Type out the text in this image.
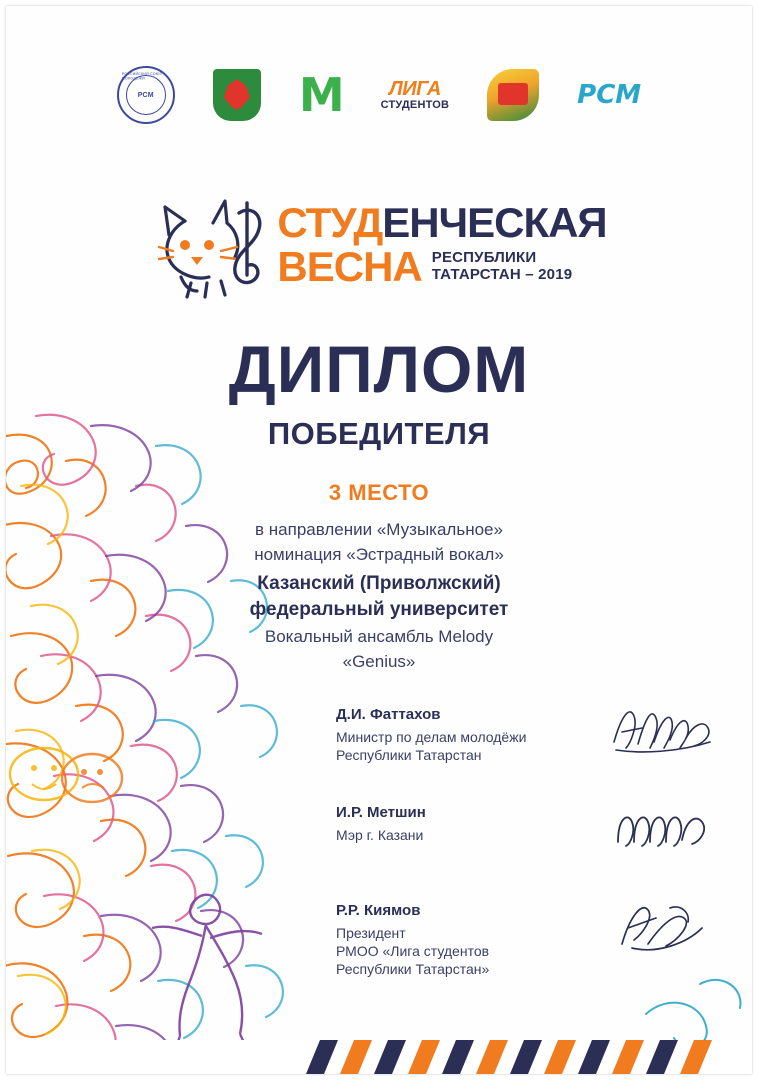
РОССИЙСКИЙ СОЮЗ МОЛОДЁЖИ
РСМ	М	ЛИГА
СТУДЕНТОВ	РСМ
СТУДЕНЧЕСКАЯ
ВЕСНА РЕСПУБЛИКИ
ТАТАРСТАН – 2019
ДИПЛОМ
ПОБЕДИТЕЛЯ
3 МЕСТО
в направлении «Музыкальное»
номинация «Эстрадный вокал»
Казанский (Приволжский)
федеральный университет
Вокальный ансамбль Melody
«Genius»
Д.И. Фаттахов
Министр по делам молодёжи
Республики Татарстан
И.Р. Метшин
Мэр г. Казани
Р.Р. Киямов
Президент
РМОО «Лига студентов
Республики Татарстан»
